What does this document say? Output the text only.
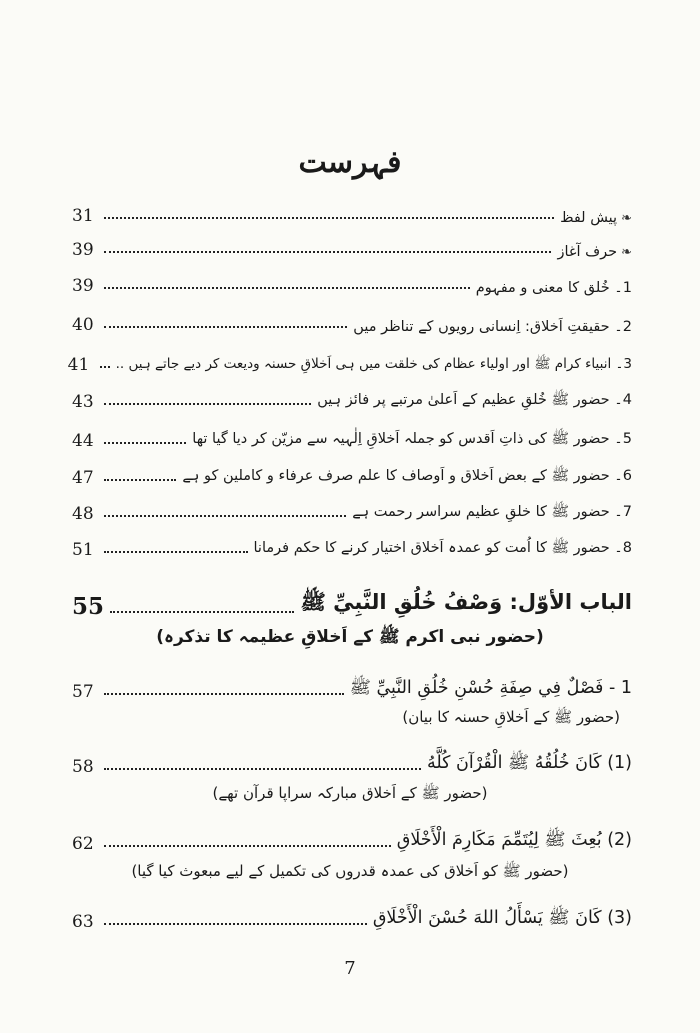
فہرست
❧پیش لفظ
31
❧حرف آغاز
39
1۔ خُلق کا معنی و مفہوم
39
2۔ حقیقتِ اَخلاق: اِنسانی رویوں کے تناظر میں
40
3۔ انبیاء کرام ﷺ اور اولیاء عظام کی خلقت میں ہی اَخلاقِ حسنہ ودیعت کر دیے جاتے ہیں ..
41
4۔ حضور ﷺ خُلقِ عظیم کے اَعلیٰ مرتبے پر فائز ہیں
43
5۔ حضور ﷺ کی ذاتِ اَقدس کو جملہ اَخلاقِ اِلٰہیہ سے مزیّن کر دیا گیا تھا
44
6۔ حضور ﷺ کے بعض اَخلاق و اَوصاف کا علم صرف عرفاء و کاملین کو ہے
47
7۔ حضور ﷺ کا خلقِ عظیم سراسر رحمت ہے
48
8۔ حضور ﷺ کا اُمت کو عمدہ اَخلاق اختیار کرنے کا حکم فرمانا
51
الباب الأوّل: وَصْفُ خُلُقِ النَّبِيِّ ﷺ
55
(حضور نبی اکرم ﷺ کے اَخلاقِ عظیمہ کا تذکرہ)
1 - فَصْلٌ فِي صِفَةِ حُسْنِ خُلُقِ النَّبِيِّ ﷺ
57
(حضور ﷺ کے اَخلاقِ حسنہ کا بیان)
(1) كَانَ خُلُقُهُ ﷺ الْقُرْآنَ كُلَّهُ
58
(حضور ﷺ کے اَخلاق مبارکہ سراپا قرآن تھے)
(2) بُعِثَ ﷺ لِيُتَمِّمَ مَكَارِمَ الْأَخْلَاقِ
62
(حضور ﷺ کو اَخلاق کی عمدہ قدروں کی تکمیل کے لیے مبعوث کیا گیا)
(3) كَانَ ﷺ يَسْأَلُ اللهَ حُسْنَ الْأَخْلَاقِ
63
7
